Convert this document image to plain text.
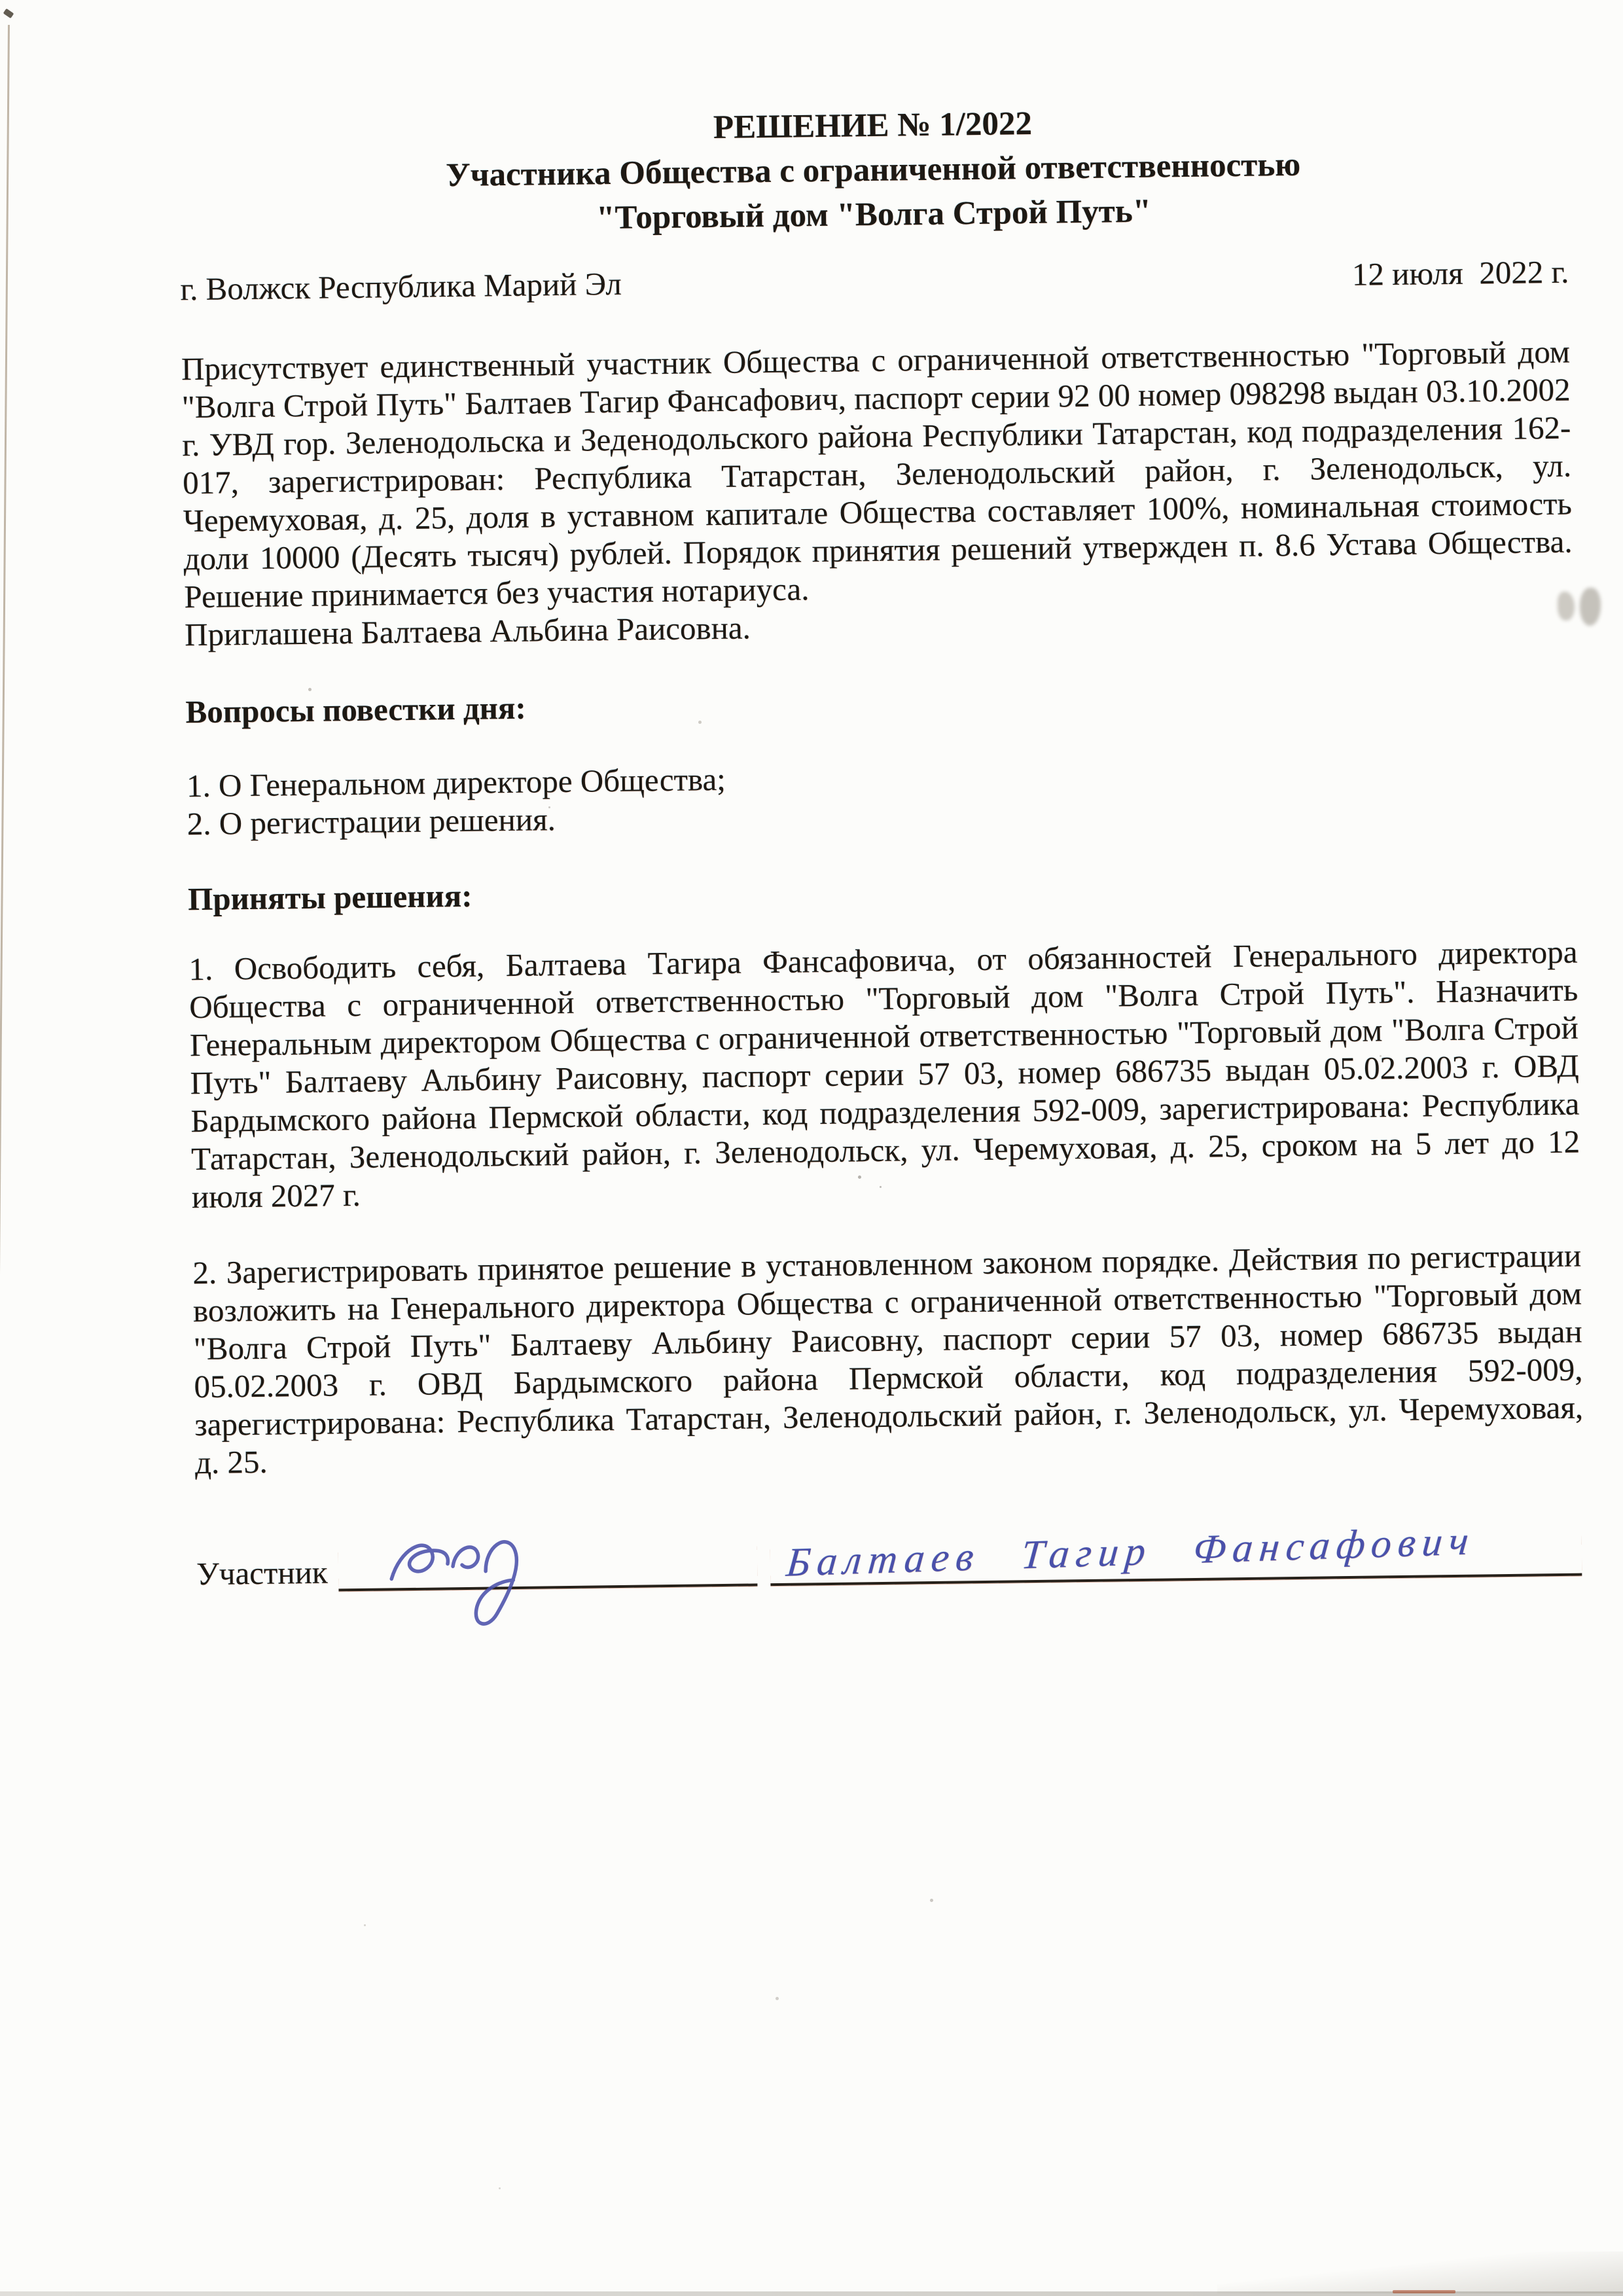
РЕШЕНИЕ № 1/2022
Участника Общества с ограниченной ответственностью
"Торговый дом "Волга Строй Путь"
г. Волжск Республика Марий Эл	12 июля  2022 г.
Присутствует единственный участник Общества с ограниченной ответственностью "Торговый дом "Волга Строй Путь" Балтаев Тагир Фансафович, паспорт серии 92 00 номер 098298 выдан 03.10.2002 г. УВД гор. Зеленодольска и Зеденодольского района Республики Татарстан, код подразделения 162-017, зарегистрирован: Республика Татарстан, Зеленодольский район, г. Зеленодольск, ул. Черемуховая, д. 25, доля в уставном капитале Общества составляет 100%, номинальная стоимость доли 10000 (Десять тысяч) рублей. Порядок принятия решений утвержден п. 8.6 Устава Общества. Решение принимается без участия нотариуса.
Приглашена Балтаева Альбина Раисовна.
Вопросы повестки дня:
1. О Генеральном директоре Общества;
2. О регистрации решения.
Приняты решения:
1. Освободить себя, Балтаева Тагира Фансафовича, от обязанностей Генерального директора Общества с ограниченной ответственностью "Торговый дом "Волга Строй Путь". Назначить Генеральным директором Общества с ограниченной ответственностью "Торговый дом "Волга Строй Путь" Балтаеву Альбину Раисовну, паспорт серии 57 03, номер 686735 выдан 05.02.2003 г. ОВД Бардымского района Пермской области, код подразделения 592-009, зарегистрирована: Республика Татарстан, Зеленодольский район, г. Зеленодольск, ул. Черемуховая, д. 25, сроком на 5 лет до 12 июля 2027 г.
2. Зарегистрировать принятое решение в установленном законом порядке. Действия по регистрации возложить на Генерального директора Общества с ограниченной ответственностью "Торговый дом "Волга Строй Путь" Балтаеву Альбину Раисовну, паспорт серии 57 03, номер 686735 выдан 05.02.2003 г. ОВД Бардымского района Пермской области, код подразделения 592-009, зарегистрирована: Республика Татарстан, Зеленодольский район, г. Зеленодольск, ул. Черемуховая, д. 25.
Участник	Балтаев Тагир Фансафович
